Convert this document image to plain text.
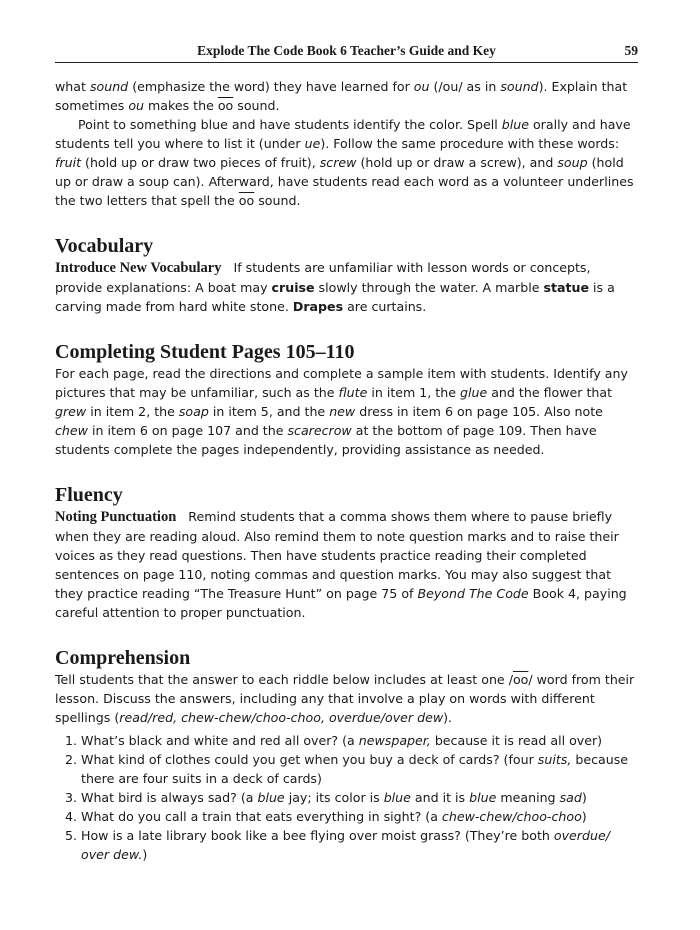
Explode The Code Book 6 Teacher’s Guide and Key	59

what sound (emphasize the word) they have learned for ou (/ou/ as in sound). Explain that sometimes ou makes the $\overline{oo}$ sound.

Point to something blue and have students identify the color. Spell blue orally and have students tell you where to list it (under ue). Follow the same procedure with these words: fruit (hold up or draw two pieces of fruit), screw (hold up or draw a screw), and soup (hold up or draw a soup can). Afterward, have students read each word as a volunteer underlines the two letters that spell the $\overline{oo}$ sound.

Vocabulary

Introduce New Vocabulary If students are unfamiliar with lesson words or concepts, provide explanations: A boat may cruise slowly through the water. A marble statue is a carving made from hard white stone. Drapes are curtains.

Completing Student Pages 105–110

For each page, read the directions and complete a sample item with students. Identify any pictures that may be unfamiliar, such as the flute in item 1, the glue and the flower that grew in item 2, the soap in item 5, and the new dress in item 6 on page 105. Also note chew in item 6 on page 107 and the scarecrow at the bottom of page 109. Then have students complete the pages independently, providing assistance as needed.

Fluency

Noting Punctuation Remind students that a comma shows them where to pause briefly when they are reading aloud. Also remind them to note question marks and to raise their voices as they read questions. Then have students practice reading their completed sentences on page 110, noting commas and question marks. You may also suggest that they practice reading “The Treasure Hunt” on page 75 of Beyond The Code Book 4, paying careful attention to proper punctuation.

Comprehension

Tell students that the answer to each riddle below includes at least one $/\overline{oo}/$ word from their lesson. Discuss the answers, including any that involve a play on words with different spellings (read/red, chew-chew/choo-choo, overdue/over dew).

1. What’s black and white and red all over? (a newspaper, because it is read all over)
2. What kind of clothes could you get when you buy a deck of cards? (four suits, because there are four suits in a deck of cards)
3. What bird is always sad? (a blue jay; its color is blue and it is blue meaning sad)
4. What do you call a train that eats everything in sight? (a chew-chew/choo-choo)
5. How is a late library book like a bee flying over moist grass? (They’re both overdue/ over dew.)
